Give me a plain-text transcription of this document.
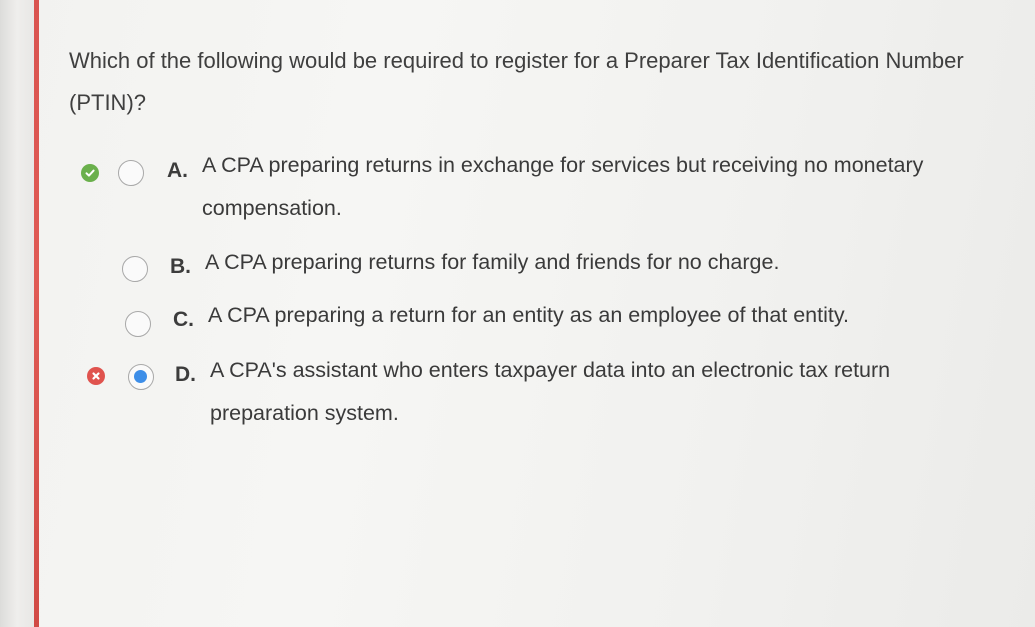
Which of the following would be required to register for a Preparer Tax Identification Number
(PTIN)?
A. A CPA preparing returns in exchange for services but receiving no monetary
compensation.
B. A CPA preparing returns for family and friends for no charge.
C. A CPA preparing a return for an entity as an employee of that entity.
D. A CPA's assistant who enters taxpayer data into an electronic tax return
preparation system.
